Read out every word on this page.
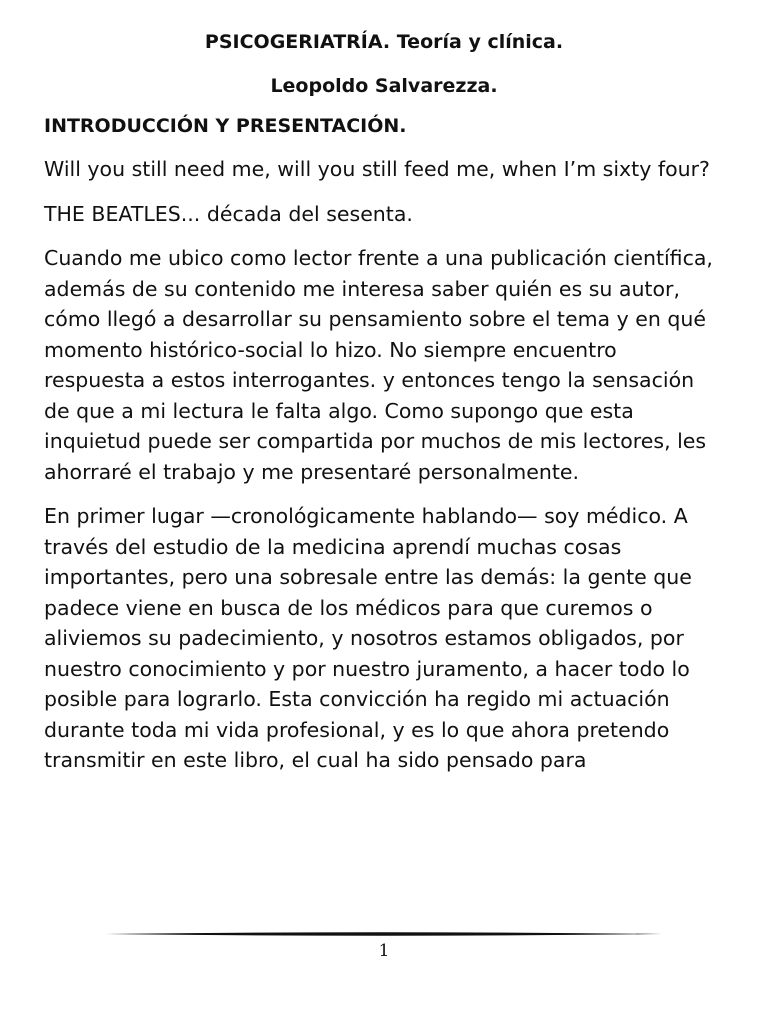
PSICOGERIATRÍA. Teoría y clínica.
Leopoldo Salvarezza.
INTRODUCCIÓN Y PRESENTACIÓN.

Will you still need me, will you still feed me, when I’m sixty four?

THE BEATLES... década del sesenta.

Cuando me ubico como lector frente a una publicación científica, además de su contenido me interesa saber quién es su autor, cómo llegó a desarrollar su pensamiento sobre el tema y en qué momento histórico-social lo hizo. No siempre encuentro respuesta a estos interrogantes. y entonces tengo la sensación de que a mi lectura le falta algo. Como supongo que esta inquietud puede ser compartida por muchos de mis lectores, les ahorraré el trabajo y me presentaré personalmente.

En primer lugar —cronológicamente hablando— soy médico. A través del estudio de la medicina aprendí muchas cosas importantes, pero una sobresale entre las demás: la gente que padece viene en busca de los médicos para que curemos o aliviemos su padecimiento, y nosotros estamos obligados, por nuestro conocimiento y por nuestro juramento, a hacer todo lo posible para lograrlo. Esta convicción ha regido mi actuación durante toda mi vida profesional, y es lo que ahora pretendo transmitir en este libro, el cual ha sido pensado para

1
